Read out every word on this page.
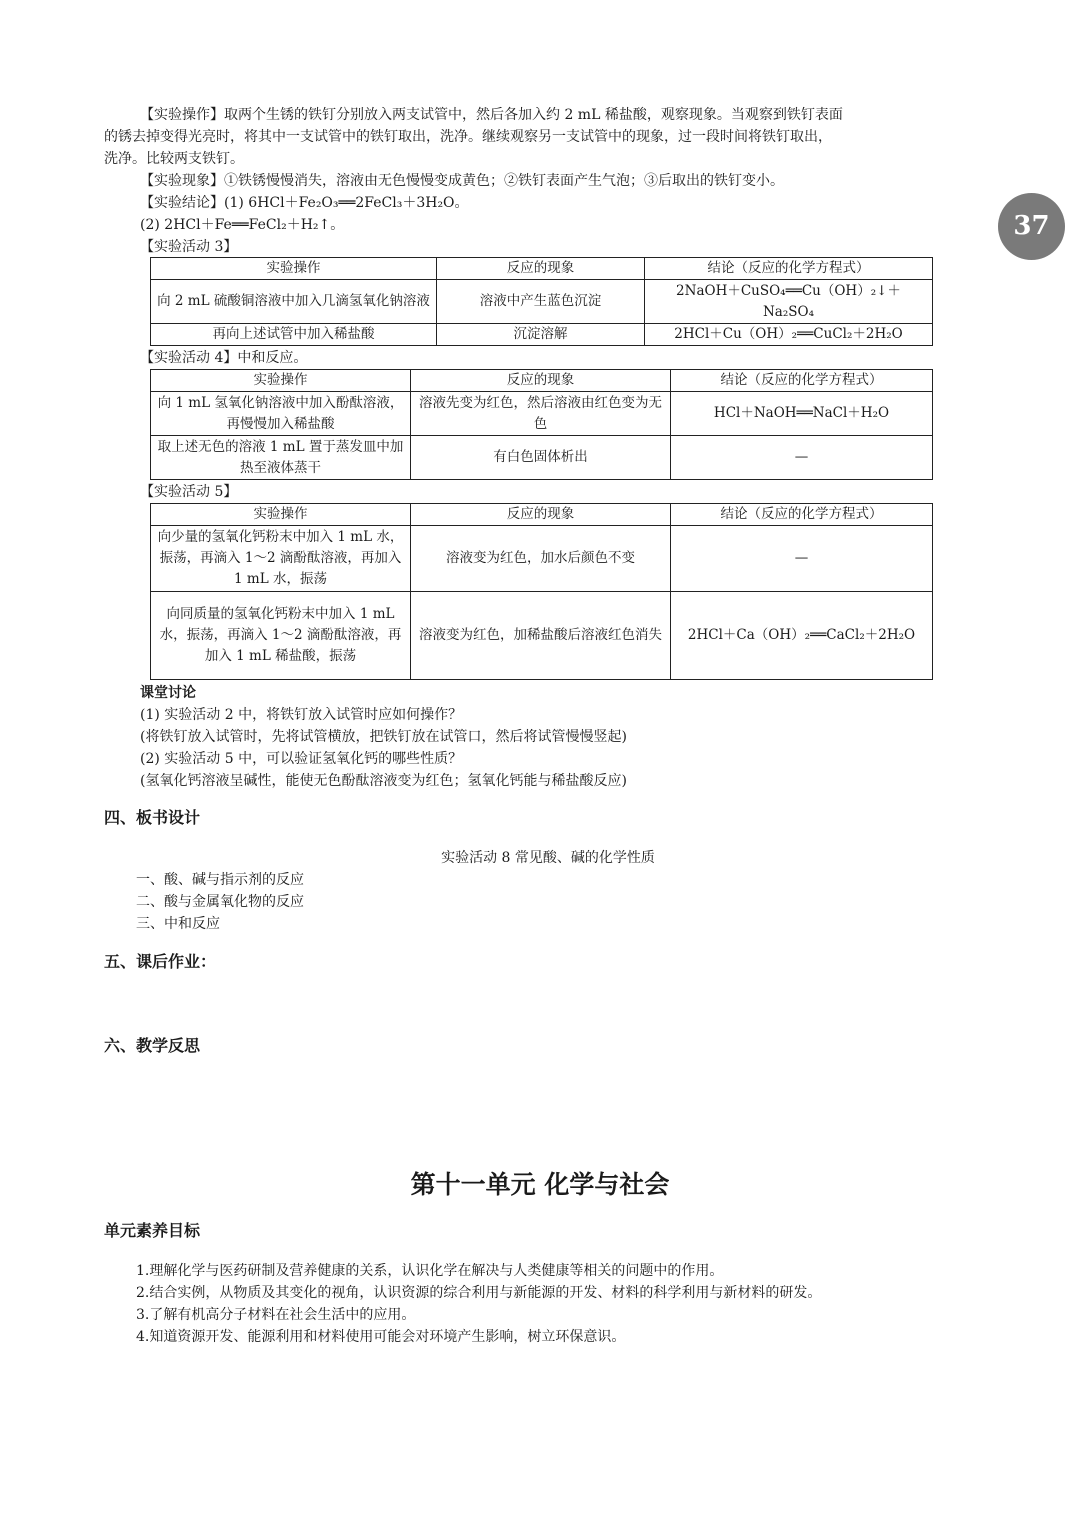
37
【实验操作】取两个生锈的铁钉分别放入两支试管中，然后各加入约 2 mL 稀盐酸，观察现象。当观察到铁钉表面
的锈去掉变得光亮时，将其中一支试管中的铁钉取出，洗净。继续观察另一支试管中的现象，过一段时间将铁钉取出，
洗净。比较两支铁钉。
【实验现象】①铁锈慢慢消失，溶液由无色慢慢变成黄色；②铁钉表面产生气泡；③后取出的铁钉变小。
【实验结论】(1) 6HCl＋Fe₂O₃══2FeCl₃＋3H₂O。
(2) 2HCl＋Fe══FeCl₂＋H₂↑。
【实验活动 3】
实验操作	反应的现象	结论（反应的化学方程式）
向 2 mL 硫酸铜溶液中加入几滴氢氧化钠溶液	溶液中产生蓝色沉淀	2NaOH＋CuSO₄══Cu（OH）₂↓＋Na₂SO₄
再向上述试管中加入稀盐酸	沉淀溶解	2HCl＋Cu（OH）₂══CuCl₂＋2H₂O
【实验活动 4】中和反应。
实验操作	反应的现象	结论（反应的化学方程式）
向 1 mL 氢氧化钠溶液中加入酚酞溶液，再慢慢加入稀盐酸	溶液先变为红色，然后溶液由红色变为无色	HCl＋NaOH══NaCl＋H₂O
取上述无色的溶液 1 mL 置于蒸发皿中加热至液体蒸干	有白色固体析出	—
【实验活动 5】
实验操作	反应的现象	结论（反应的化学方程式）
向少量的氢氧化钙粉末中加入 1 mL 水，振荡，再滴入 1～2 滴酚酞溶液，再加入 1 mL 水，振荡	溶液变为红色，加水后颜色不变	—
向同质量的氢氧化钙粉末中加入 1 mL 水，振荡，再滴入 1～2 滴酚酞溶液，再加入 1 mL 稀盐酸，振荡	溶液变为红色，加稀盐酸后溶液红色消失	2HCl＋Ca（OH）₂══CaCl₂＋2H₂O
课堂讨论
(1) 实验活动 2 中，将铁钉放入试管时应如何操作？
(将铁钉放入试管时，先将试管横放，把铁钉放在试管口，然后将试管慢慢竖起)
(2) 实验活动 5 中，可以验证氢氧化钙的哪些性质？
(氢氧化钙溶液呈碱性，能使无色酚酞溶液变为红色；氢氧化钙能与稀盐酸反应)
四、板书设计
实验活动 8 常见酸、碱的化学性质
一、酸、碱与指示剂的反应
二、酸与金属氧化物的反应
三、中和反应
五、课后作业：
六、教学反思
第十一单元 化学与社会
单元素养目标
1.理解化学与医药研制及营养健康的关系，认识化学在解决与人类健康等相关的问题中的作用。
2.结合实例，从物质及其变化的视角，认识资源的综合利用与新能源的开发、材料的科学利用与新材料的研发。
3.了解有机高分子材料在社会生活中的应用。
4.知道资源开发、能源利用和材料使用可能会对环境产生影响，树立环保意识。
